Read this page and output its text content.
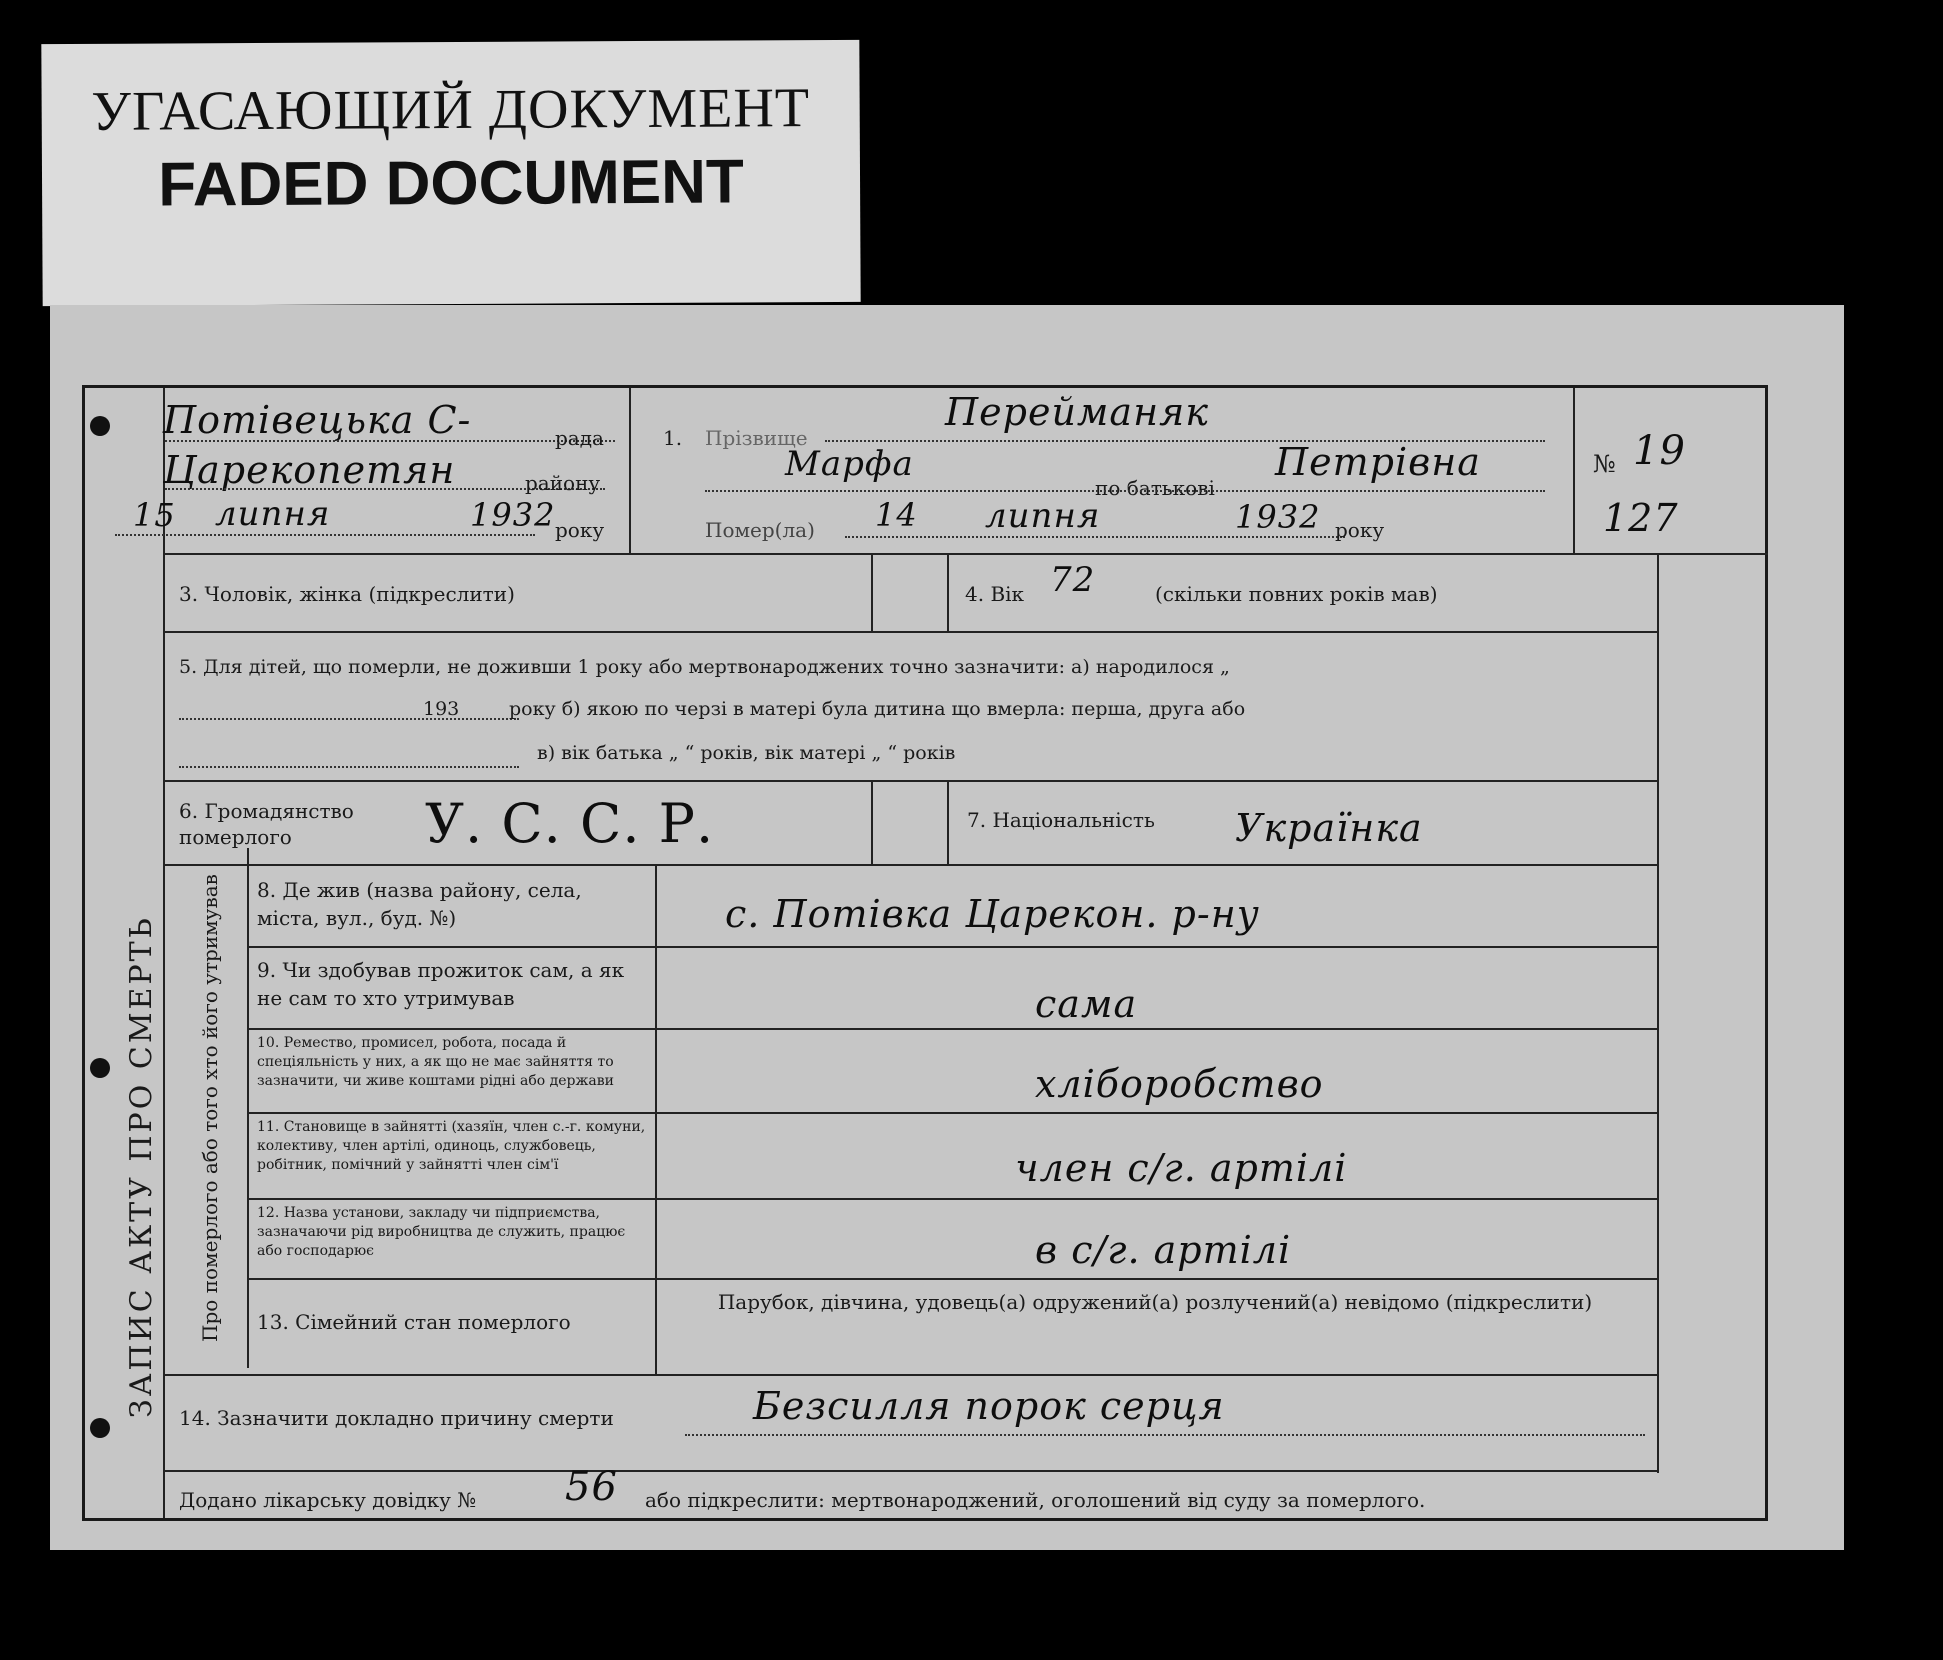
УГАСАЮЩИЙ ДОКУМЕНТ
FADED DOCUMENT
ЗАПИС АКТУ ПРО СМЕРТЬ Про померлого або того хто його утримував
Потівецька С-	рада
Царекопетян	району
15 липня	1932 року
1. Прізвище
Перейманяк
Марфа
по батькові
Петрівна
Помер(ла) 14 липня	1932 року
№ 19
127
3. Чоловік, жінка (підкреслити)	4. Вік 72	(скільки повних років мав)
5. Для дітей, що померли, не доживши 1 року або мертвонароджених точно зазначити: а) народилося „
193	року б) якою по черзі в матері була дитина що вмерла: перша, друга або
в) вік батька „ “ років, вік матері „ “ років
6. Громадянство померлого	У. С. С. Р.	7. Національність Українка
8. Де жив (назва району, села, міста, вул., буд. №)	с. Потівка Царекон. р-ну
9. Чи здобував прожиток сам, а як не сам то хто утримував	сама
10. Ремество, промисел, робота, посада й спеціяльність у них, а як що не має зайняття то зазначити, чи живе коштами рідні або держави	хліборобство
11. Становище в зайнятті (хазяїн, член с.-г. комуни, колективу, член артілі, одиноць, службовець, робітник, помічний у зайнятті член сім'ї	член с/г. артілі
12. Назва установи, закладу чи підприємства, зазначаючи рід виробництва де служить, працює або господарює	в с/г. артілі
13. Сімейний стан померлого
Парубок, дівчина, удовець(а) одружений(а) розлучений(а) невідомо (підкреслити)
14. Зазначити докладно причину смерти	Безсилля порок серця
Додано лікарську довідку № 56 або підкреслити: мертвонароджений, оголошений від суду за померлого.
